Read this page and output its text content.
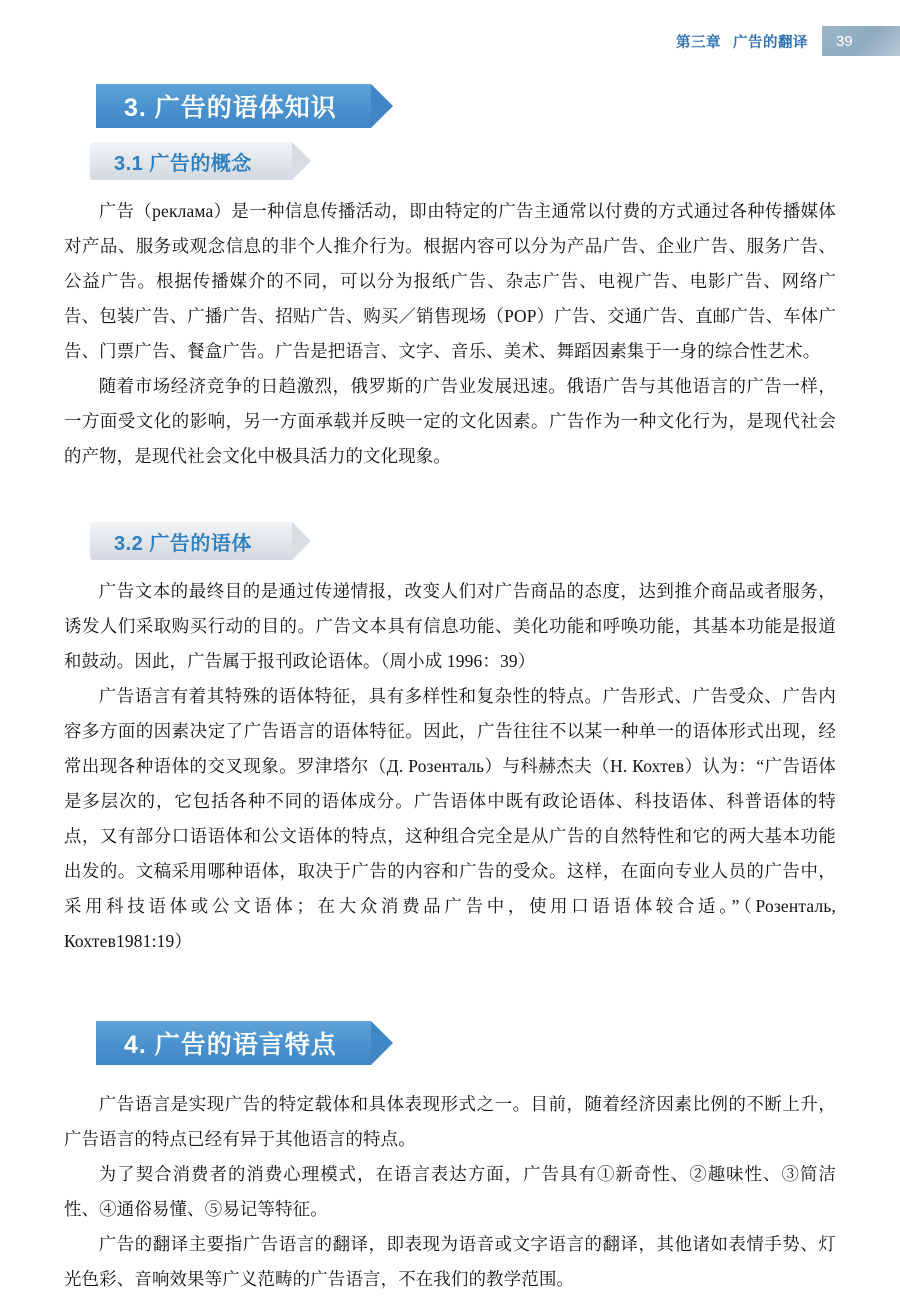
第三章 广告的翻译 39
3. 广告的语体知识
3.1 广告的概念

广告（реклама）是一种信息传播活动，即由特定的广告主通常以付费的方式通过各种传播媒体对产品、服务或观念信息的非个人推介行为。根据内容可以分为产品广告、企业广告、服务广告、公益广告。根据传播媒介的不同，可以分为报纸广告、杂志广告、电视广告、电影广告、网络广告、包装广告、广播广告、招贴广告、购买／销售现场（POP）广告、交通广告、直邮广告、车体广告、门票广告、餐盒广告。广告是把语言、文字、音乐、美术、舞蹈因素集于一身的综合性艺术。

随着市场经济竞争的日趋激烈，俄罗斯的广告业发展迅速。俄语广告与其他语言的广告一样，一方面受文化的影响，另一方面承载并反映一定的文化因素。广告作为一种文化行为，是现代社会的产物，是现代社会文化中极具活力的文化现象。

3.2 广告的语体

广告文本的最终目的是通过传递情报，改变人们对广告商品的态度，达到推介商品或者服务，诱发人们采取购买行动的目的。广告文本具有信息功能、美化功能和呼唤功能，其基本功能是报道和鼓动。因此，广告属于报刊政论语体。（周小成 1996：39）

广告语言有着其特殊的语体特征，具有多样性和复杂性的特点。广告形式、广告受众、广告内容多方面的因素决定了广告语言的语体特征。因此，广告往往不以某一种单一的语体形式出现，经常出现各种语体的交叉现象。罗津塔尔（Д. Розенталь）与科赫杰夫（Н. Кохтев）认为：“广告语体是多层次的，它包括各种不同的语体成分。广告语体中既有政论语体、科技语体、科普语体的特点，又有部分口语语体和公文语体的特点，这种组合完全是从广告的自然特性和它的两大基本功能出发的。文稿采用哪种语体，取决于广告的内容和广告的受众。这样，在面向专业人员的广告中，采用科技语体或公文语体；在大众消费品广告中，使用口语语体较合适。”（Розенталь, Кохтев1981:19）

4. 广告的语言特点

广告语言是实现广告的特定载体和具体表现形式之一。目前，随着经济因素比例的不断上升，广告语言的特点已经有异于其他语言的特点。

为了契合消费者的消费心理模式，在语言表达方面，广告具有①新奇性、②趣味性、③简洁性、④通俗易懂、⑤易记等特征。

广告的翻译主要指广告语言的翻译，即表现为语音或文字语言的翻译，其他诸如表情手势、灯光色彩、音响效果等广义范畴的广告语言，不在我们的教学范围。
